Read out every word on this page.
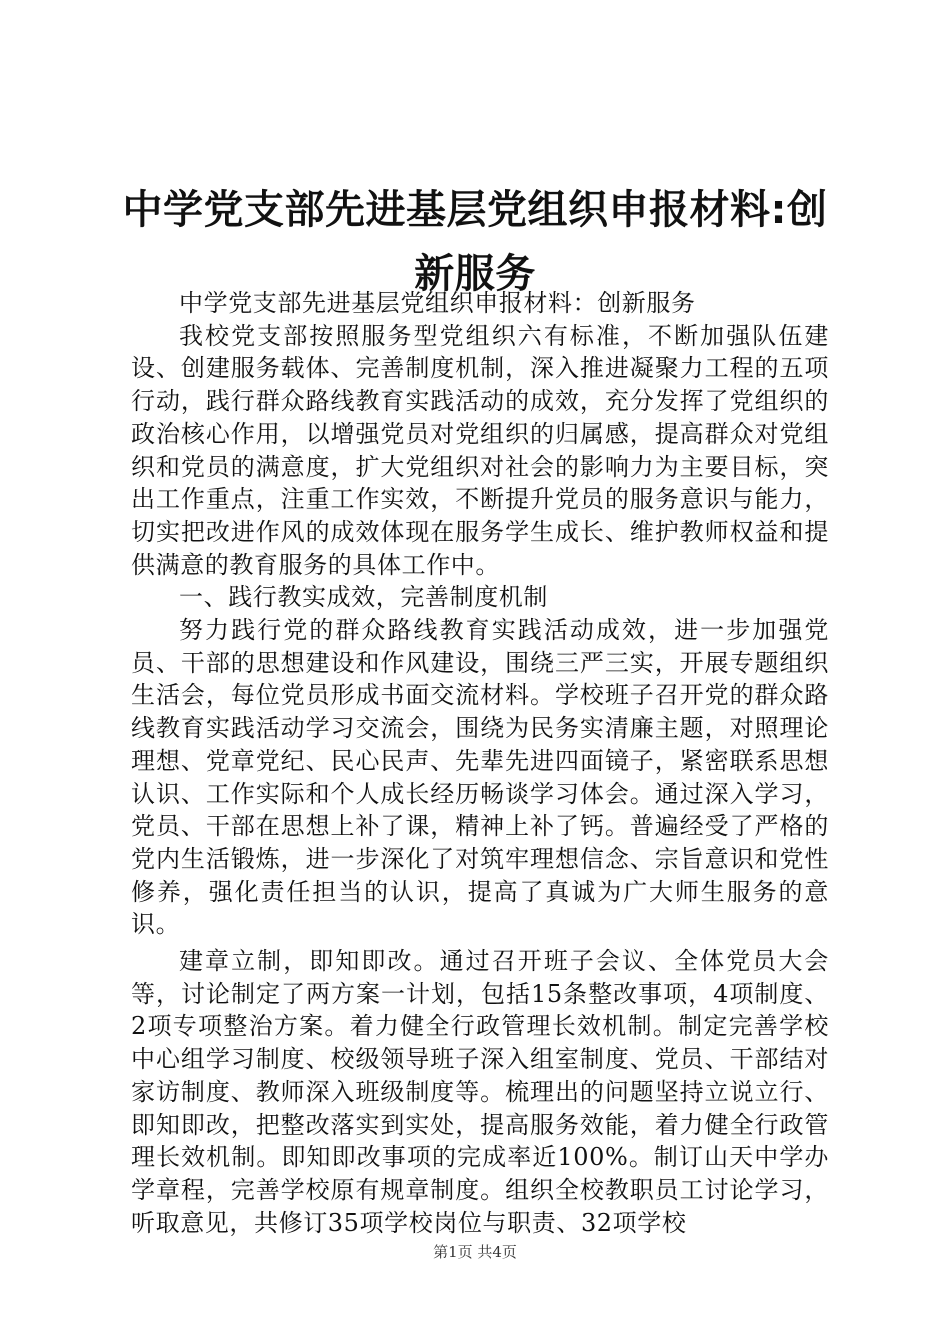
中学党支部先进基层党组织申报材料:创新服务

中学党支部先进基层党组织申报材料：创新服务

我校党支部按照服务型党组织六有标准，不断加强队伍建设、创建服务载体、完善制度机制，深入推进凝聚力工程的五项行动，践行群众路线教育实践活动的成效，充分发挥了党组织的政治核心作用，以增强党员对党组织的归属感，提高群众对党组织和党员的满意度，扩大党组织对社会的影响力为主要目标，突出工作重点，注重工作实效，不断提升党员的服务意识与能力，切实把改进作风的成效体现在服务学生成长、维护教师权益和提供满意的教育服务的具体工作中。

一、践行教实成效，完善制度机制

努力践行党的群众路线教育实践活动成效，进一步加强党员、干部的思想建设和作风建设，围绕三严三实，开展专题组织生活会，每位党员形成书面交流材料。学校班子召开党的群众路线教育实践活动学习交流会，围绕为民务实清廉主题，对照理论理想、党章党纪、民心民声、先辈先进四面镜子，紧密联系思想认识、工作实际和个人成长经历畅谈学习体会。通过深入学习，党员、干部在思想上补了课，精神上补了钙。普遍经受了严格的党内生活锻炼，进一步深化了对筑牢理想信念、宗旨意识和党性修养，强化责任担当的认识，提高了真诚为广大师生服务的意识。

建章立制，即知即改。通过召开班子会议、全体党员大会等，讨论制定了两方案一计划，包括15条整改事项，4项制度、2项专项整治方案。着力健全行政管理长效机制。制定完善学校中心组学习制度、校级领导班子深入组室制度、党员、干部结对家访制度、教师深入班级制度等。梳理出的问题坚持立说立行、即知即改，把整改落实到实处，提高服务效能，着力健全行政管理长效机制。即知即改事项的完成率近100%。制订山天中学办学章程，完善学校原有规章制度。组织全校教职员工讨论学习，听取意见，共修订35项学校岗位与职责、32项学校

第1页 共4页
